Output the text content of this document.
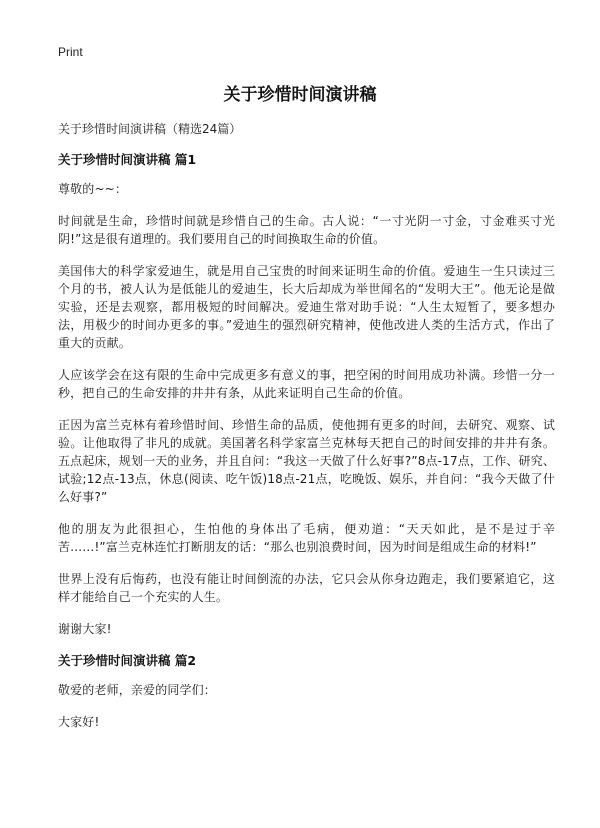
Print
关于珍惜时间演讲稿

关于珍惜时间演讲稿（精选24篇）

关于珍惜时间演讲稿 篇1

尊敬的~~：

时间就是生命，珍惜时间就是珍惜自己的生命。古人说：“一寸光阴一寸金，寸金难买寸光阴!”这是很有道理的。我们要用自己的时间换取生命的价值。

美国伟大的科学家爱迪生，就是用自己宝贵的时间来证明生命的价值。爱迪生一生只读过三个月的书，被人认为是低能儿的爱迪生，长大后却成为举世闻名的“发明大王”。他无论是做实验，还是去观察，都用极短的时间解决。爱迪生常对助手说：“人生太短暂了，要多想办法，用极少的时间办更多的事。”爱迪生的强烈研究精神，使他改进人类的生活方式，作出了重大的贡献。

人应该学会在这有限的生命中完成更多有意义的事，把空闲的时间用成功补满。珍惜一分一秒，把自己的生命安排的井井有条，从此来证明自己生命的价值。

正因为富兰克林有着珍惜时间、珍惜生命的品质，使他拥有更多的时间，去研究、观察、试验。让他取得了非凡的成就。美国著名科学家富兰克林每天把自己的时间安排的井井有条。五点起床，规划一天的业务，并且自问：“我这一天做了什么好事?”8点-17点，工作、研究、试验;12点-13点，休息(阅读、吃午饭)18点-21点，吃晚饭、娱乐，并自问：“我今天做了什么好事?”

他的朋友为此很担心，生怕他的身体出了毛病，便劝道：“天天如此，是不是过于辛苦……!”富兰克林连忙打断朋友的话：“那么也别浪费时间，因为时间是组成生命的材料!”

世界上没有后悔药，也没有能让时间倒流的办法，它只会从你身边跑走，我们要紧追它，这样才能给自己一个充实的人生。

谢谢大家!

关于珍惜时间演讲稿 篇2

敬爱的老师，亲爱的同学们：

大家好!
